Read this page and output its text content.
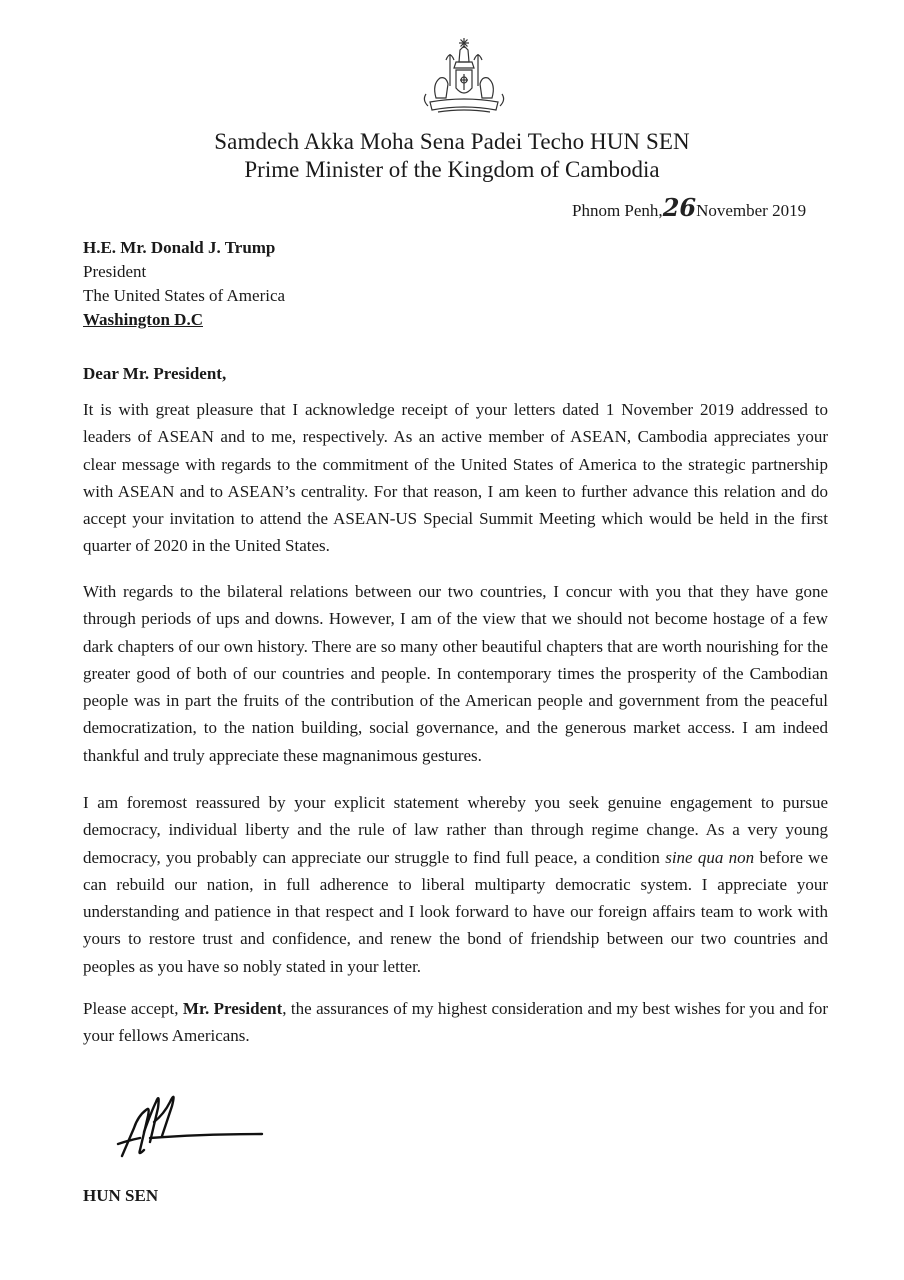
Samdech Akka Moha Sena Padei Techo HUN SEN
Prime Minister of the Kingdom of Cambodia
Phnom Penh,26November 2019
H.E. Mr. Donald J. Trump
President
The United States of America
Washington D.C
Dear Mr. President,

It is with great pleasure that I acknowledge receipt of your letters dated 1 November 2019 addressed to leaders of ASEAN and to me, respectively. As an active member of ASEAN, Cambodia appreciates your clear message with regards to the commitment of the United States of America to the strategic partnership with ASEAN and to ASEAN’s centrality. For that reason, I am keen to further advance this relation and do accept your invitation to attend the ASEAN-US Special Summit Meeting which would be held in the first quarter of 2020 in the United States.

With regards to the bilateral relations between our two countries, I concur with you that they have gone through periods of ups and downs. However, I am of the view that we should not become hostage of a few dark chapters of our own history. There are so many other beautiful chapters that are worth nourishing for the greater good of both of our countries and people. In contemporary times the prosperity of the Cambodian people was in part the fruits of the contribution of the American people and government from the peaceful democratization, to the nation building, social governance, and the generous market access. I am indeed thankful and truly appreciate these magnanimous gestures.

I am foremost reassured by your explicit statement whereby you seek genuine engagement to pursue democracy, individual liberty and the rule of law rather than through regime change. As a very young democracy, you probably can appreciate our struggle to find full peace, a condition sine qua non before we can rebuild our nation, in full adherence to liberal multiparty democratic system. I appreciate your understanding and patience in that respect and I look forward to have our foreign affairs team to work with yours to restore trust and confidence, and renew the bond of friendship between our two countries and peoples as you have so nobly stated in your letter.

Please accept, Mr. President, the assurances of my highest consideration and my best wishes for you and for your fellows Americans.

HUN SEN
